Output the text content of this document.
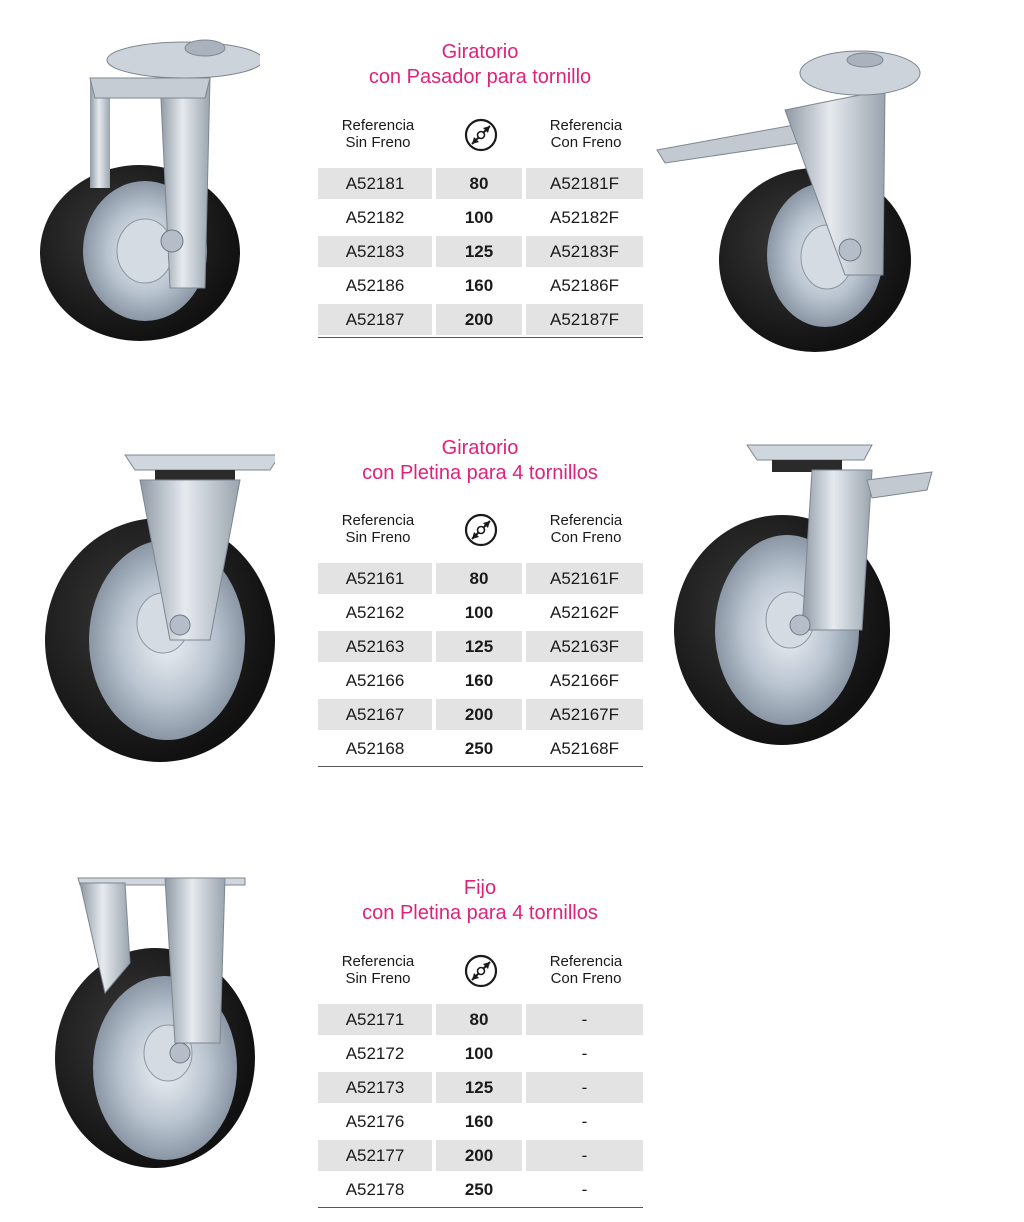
Giratorio
con Pasador para tornillo
Referencia
Sin Freno
Referencia
Con Freno
A52181	80	A52181F
A52182	100	A52182F
A52183	125	A52183F
A52186	160	A52186F
A52187	200	A52187F
Giratorio
con Pletina para 4 tornillos
Referencia
Sin Freno
Referencia
Con Freno
A52161	80	A52161F
A52162	100	A52162F
A52163	125	A52163F
A52166	160	A52166F
A52167	200	A52167F
A52168	250	A52168F
Fijo
con Pletina para 4 tornillos
Referencia
Sin Freno
Referencia
Con Freno
A52171	80	-
A52172	100	-
A52173	125	-
A52176	160	-
A52177	200	-
A52178	250	-
